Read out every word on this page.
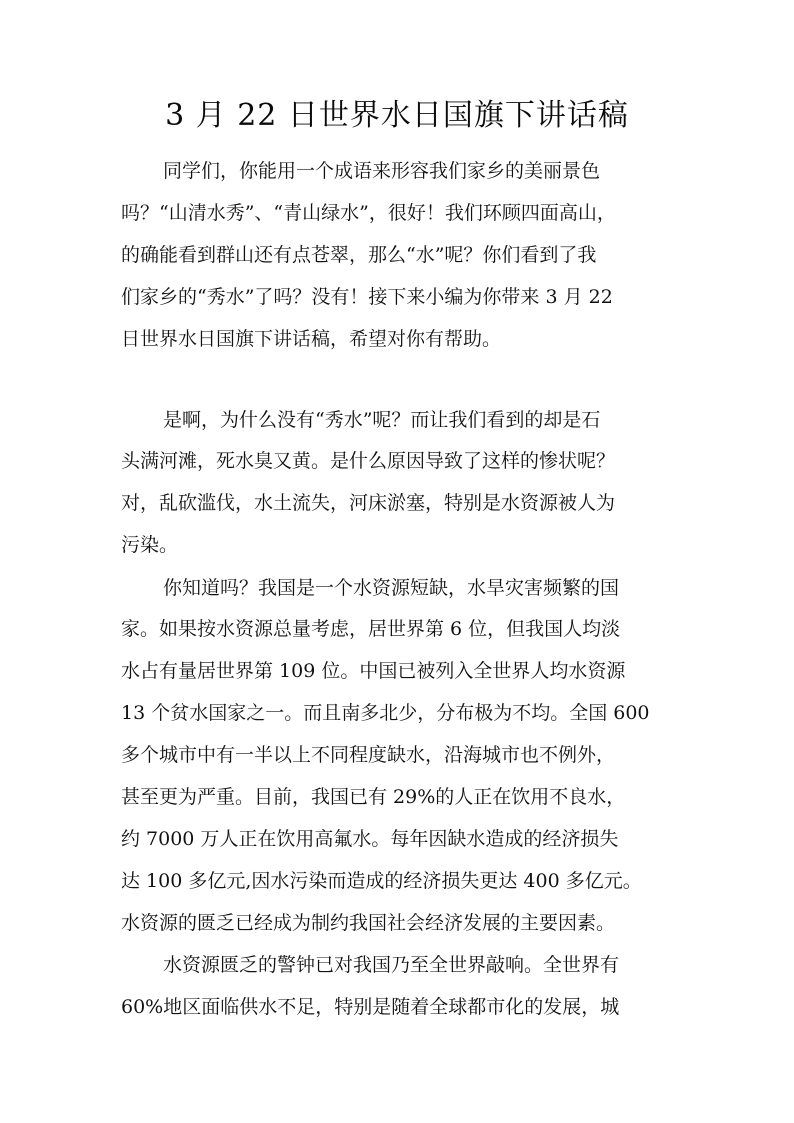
3 月 22 日世界水日国旗下讲话稿
同学们，你能用一个成语来形容我们家乡的美丽景色
吗？“山清水秀”、“青山绿水”，很好！我们环顾四面高山，
的确能看到群山还有点苍翠，那么“水”呢？你们看到了我
们家乡的“秀水”了吗？没有！接下来小编为你带来 3 月 22
日世界水日国旗下讲话稿，希望对你有帮助。
是啊，为什么没有“秀水”呢？而让我们看到的却是石
头满河滩，死水臭又黄。是什么原因导致了这样的惨状呢？
对，乱砍滥伐，水土流失，河床淤塞，特别是水资源被人为
污染。
你知道吗？我国是一个水资源短缺，水旱灾害频繁的国
家。如果按水资源总量考虑，居世界第 6 位，但我国人均淡
水占有量居世界第 109 位。中国已被列入全世界人均水资源
13 个贫水国家之一。而且南多北少，分布极为不均。全国 600
多个城市中有一半以上不同程度缺水，沿海城市也不例外，
甚至更为严重。目前，我国已有 29%的人正在饮用不良水，
约 7000 万人正在饮用高氟水。每年因缺水造成的经济损失
达 100 多亿元,因水污染而造成的经济损失更达 400 多亿元。
水资源的匮乏已经成为制约我国社会经济发展的主要因素。
水资源匮乏的警钟已对我国乃至全世界敲响。全世界有
60%地区面临供水不足，特别是随着全球都市化的发展，城
